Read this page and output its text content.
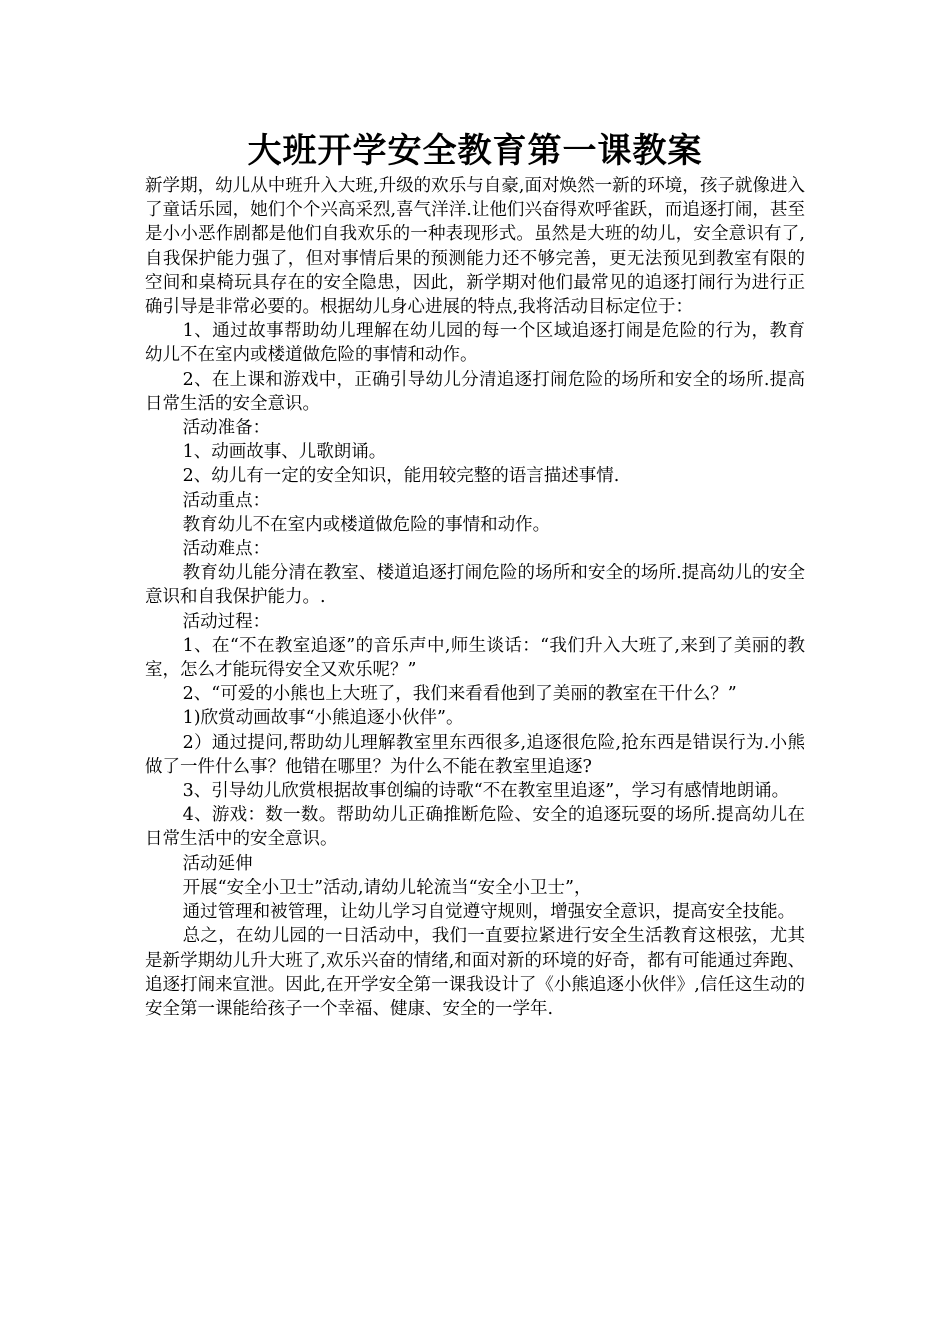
大班开学安全教育第一课教案

新学期，幼儿从中班升入大班,升级的欢乐与自豪,面对焕然一新的环境，孩子就像进入了童话乐园，她们个个兴高采烈,喜气洋洋.让他们兴奋得欢呼雀跃，而追逐打闹，甚至是小小恶作剧都是他们自我欢乐的一种表现形式。虽然是大班的幼儿，安全意识有了,自我保护能力强了，但对事情后果的预测能力还不够完善，更无法预见到教室有限的空间和桌椅玩具存在的安全隐患，因此，新学期对他们最常见的追逐打闹行为进行正确引导是非常必要的。根据幼儿身心进展的特点,我将活动目标定位于：

1、通过故事帮助幼儿理解在幼儿园的每一个区域追逐打闹是危险的行为，教育幼儿不在室内或楼道做危险的事情和动作。

2、在上课和游戏中，正确引导幼儿分清追逐打闹危险的场所和安全的场所.提高日常生活的安全意识。

活动准备：

1、动画故事、儿歌朗诵。

2、幼儿有一定的安全知识，能用较完整的语言描述事情.

活动重点：

教育幼儿不在室内或楼道做危险的事情和动作。

活动难点：

教育幼儿能分清在教室、楼道追逐打闹危险的场所和安全的场所.提高幼儿的安全意识和自我保护能力。.

活动过程：

1、在“不在教室追逐”的音乐声中,师生谈话：“我们升入大班了,来到了美丽的教室，怎么才能玩得安全又欢乐呢？”

2、“可爱的小熊也上大班了，我们来看看他到了美丽的教室在干什么？”

1)欣赏动画故事“小熊追逐小伙伴”。

2）通过提问,帮助幼儿理解教室里东西很多,追逐很危险,抢东西是错误行为.小熊做了一件什么事？他错在哪里？为什么不能在教室里追逐?

3、引导幼儿欣赏根据故事创编的诗歌“不在教室里追逐”，学习有感情地朗诵。

4、游戏：数一数。帮助幼儿正确推断危险、安全的追逐玩耍的场所.提高幼儿在日常生活中的安全意识。

活动延伸

开展“安全小卫士”活动,请幼儿轮流当“安全小卫士”，

通过管理和被管理，让幼儿学习自觉遵守规则，增强安全意识，提高安全技能。

总之，在幼儿园的一日活动中，我们一直要拉紧进行安全生活教育这根弦，尤其是新学期幼儿升大班了,欢乐兴奋的情绪,和面对新的环境的好奇，都有可能通过奔跑、追逐打闹来宣泄。因此,在开学安全第一课我设计了《小熊追逐小伙伴》,信任这生动的安全第一课能给孩子一个幸福、健康、安全的一学年.
